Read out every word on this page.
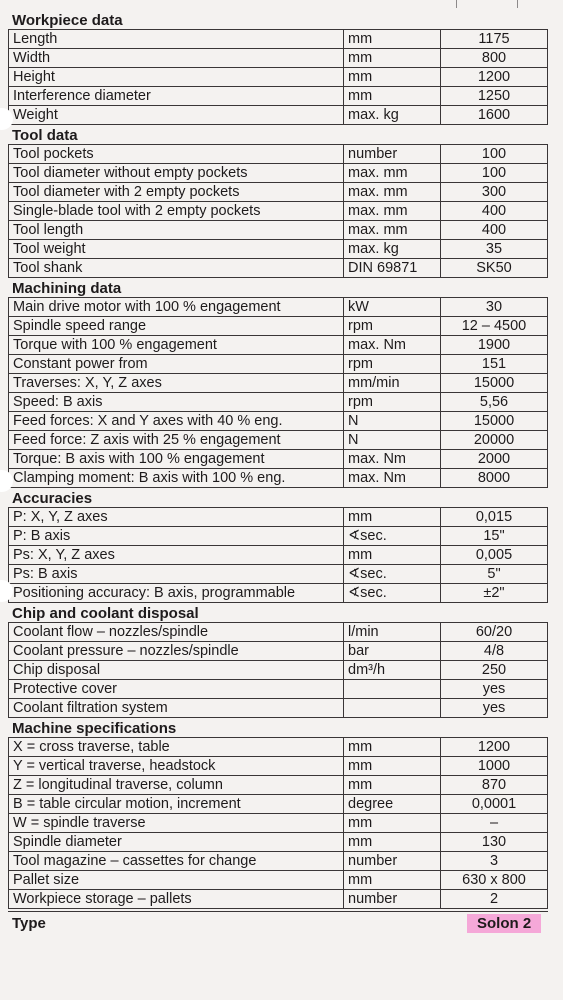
Workpiece data
Length	mm	1175
Width	mm	800
Height	mm	1200
Interference diameter	mm	1250
Weight	max. kg	1600
Tool data
Tool pockets	number	100
Tool diameter without empty pockets	max. mm	100
Tool diameter with 2 empty pockets	max. mm	300
Single-blade tool with 2 empty pockets	max. mm	400
Tool length	max. mm	400
Tool weight	max. kg	35
Tool shank	DIN 69871	SK50
Machining data
Main drive motor with 100 % engagement	kW	30
Spindle speed range	rpm	12 – 4500
Torque with 100 % engagement	max. Nm	1900
Constant power from	rpm	151
Traverses: X, Y, Z axes	mm/min	15000
Speed: B axis	rpm	5,56
Feed forces: X and Y axes with 40 % eng.	N	15000
Feed force: Z axis with 25 % engagement	N	20000
Torque: B axis with 100 % engagement	max. Nm	2000
Clamping moment: B axis with 100 % eng.	max. Nm	8000
Accuracies
P: X, Y, Z axes	mm	0,015
P: B axis	∢sec.	15"
Ps: X, Y, Z axes	mm	0,005
Ps: B axis	∢sec.	5"
Positioning accuracy: B axis, programmable	∢sec.	±2"
Chip and coolant disposal
Coolant flow – nozzles/spindle	l/min	60/20
Coolant pressure – nozzles/spindle	bar	4/8
Chip disposal	dm³/h	250
Protective cover		yes
Coolant filtration system		yes
Machine specifications
X = cross traverse, table	mm	1200
Y = vertical traverse, headstock	mm	1000
Z = longitudinal traverse, column	mm	870
B = table circular motion, increment	degree	0,0001
W = spindle traverse	mm	–
Spindle diameter	mm	130
Tool magazine – cassettes for change	number	3
Pallet size	mm	630 x 800
Workpiece storage – pallets	number	2
Type	Solon 2
